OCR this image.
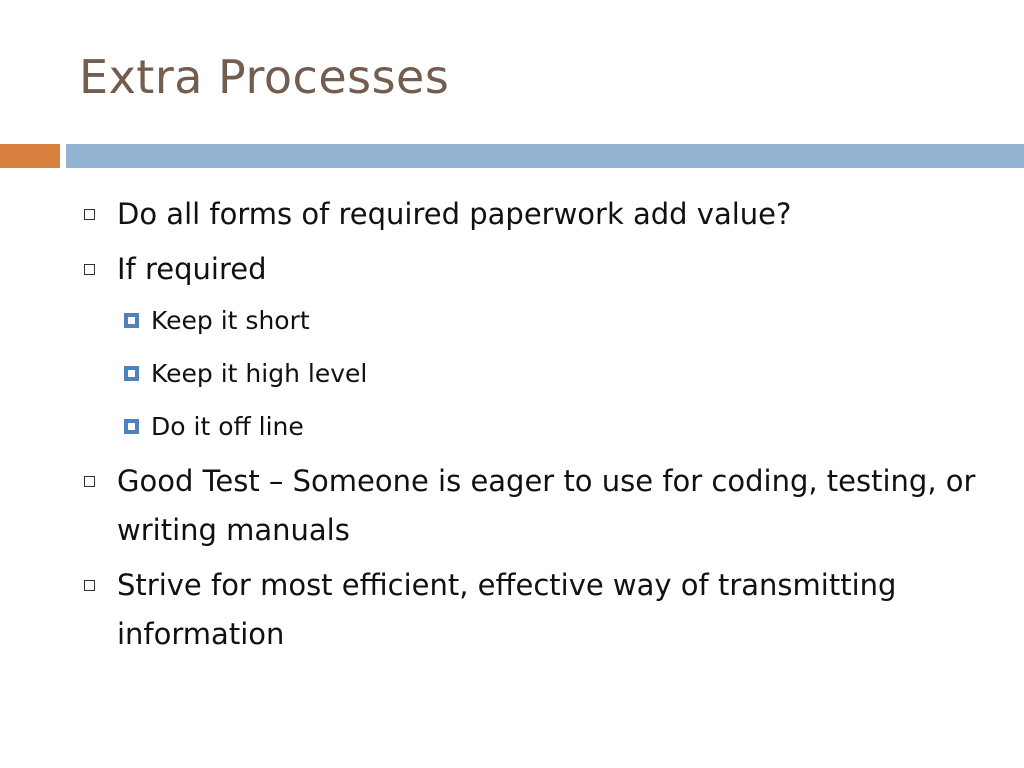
Extra Processes
Do all forms of required paperwork add value?
If required
Keep it short
Keep it high level
Do it off line
Good Test – Someone is eager to use for coding, testing, or writing manuals
Strive for most efficient, effective way of transmitting information
